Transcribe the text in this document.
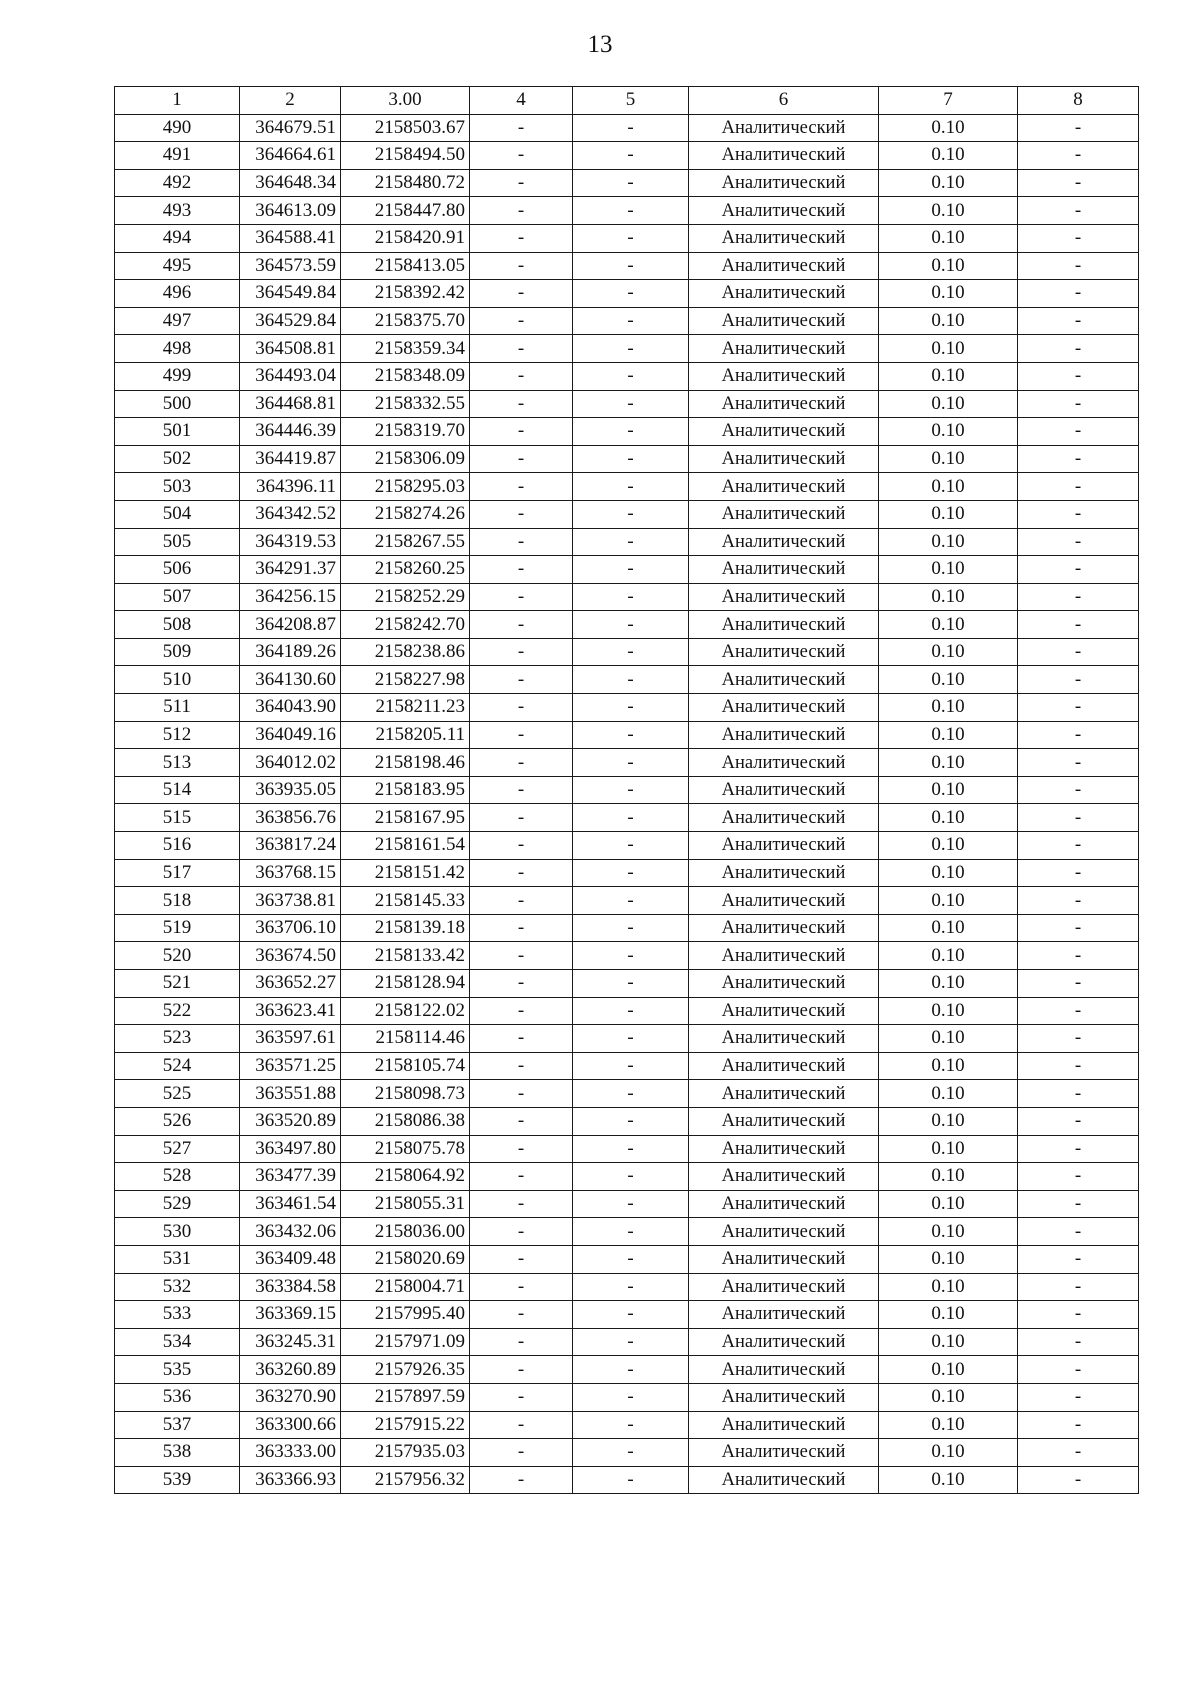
13
1	2	3.00	4	5	6	7	8
490	364679.51	2158503.67	-	-	Аналитический	0.10	-
491	364664.61	2158494.50	-	-	Аналитический	0.10	-
492	364648.34	2158480.72	-	-	Аналитический	0.10	-
493	364613.09	2158447.80	-	-	Аналитический	0.10	-
494	364588.41	2158420.91	-	-	Аналитический	0.10	-
495	364573.59	2158413.05	-	-	Аналитический	0.10	-
496	364549.84	2158392.42	-	-	Аналитический	0.10	-
497	364529.84	2158375.70	-	-	Аналитический	0.10	-
498	364508.81	2158359.34	-	-	Аналитический	0.10	-
499	364493.04	2158348.09	-	-	Аналитический	0.10	-
500	364468.81	2158332.55	-	-	Аналитический	0.10	-
501	364446.39	2158319.70	-	-	Аналитический	0.10	-
502	364419.87	2158306.09	-	-	Аналитический	0.10	-
503	364396.11	2158295.03	-	-	Аналитический	0.10	-
504	364342.52	2158274.26	-	-	Аналитический	0.10	-
505	364319.53	2158267.55	-	-	Аналитический	0.10	-
506	364291.37	2158260.25	-	-	Аналитический	0.10	-
507	364256.15	2158252.29	-	-	Аналитический	0.10	-
508	364208.87	2158242.70	-	-	Аналитический	0.10	-
509	364189.26	2158238.86	-	-	Аналитический	0.10	-
510	364130.60	2158227.98	-	-	Аналитический	0.10	-
511	364043.90	2158211.23	-	-	Аналитический	0.10	-
512	364049.16	2158205.11	-	-	Аналитический	0.10	-
513	364012.02	2158198.46	-	-	Аналитический	0.10	-
514	363935.05	2158183.95	-	-	Аналитический	0.10	-
515	363856.76	2158167.95	-	-	Аналитический	0.10	-
516	363817.24	2158161.54	-	-	Аналитический	0.10	-
517	363768.15	2158151.42	-	-	Аналитический	0.10	-
518	363738.81	2158145.33	-	-	Аналитический	0.10	-
519	363706.10	2158139.18	-	-	Аналитический	0.10	-
520	363674.50	2158133.42	-	-	Аналитический	0.10	-
521	363652.27	2158128.94	-	-	Аналитический	0.10	-
522	363623.41	2158122.02	-	-	Аналитический	0.10	-
523	363597.61	2158114.46	-	-	Аналитический	0.10	-
524	363571.25	2158105.74	-	-	Аналитический	0.10	-
525	363551.88	2158098.73	-	-	Аналитический	0.10	-
526	363520.89	2158086.38	-	-	Аналитический	0.10	-
527	363497.80	2158075.78	-	-	Аналитический	0.10	-
528	363477.39	2158064.92	-	-	Аналитический	0.10	-
529	363461.54	2158055.31	-	-	Аналитический	0.10	-
530	363432.06	2158036.00	-	-	Аналитический	0.10	-
531	363409.48	2158020.69	-	-	Аналитический	0.10	-
532	363384.58	2158004.71	-	-	Аналитический	0.10	-
533	363369.15	2157995.40	-	-	Аналитический	0.10	-
534	363245.31	2157971.09	-	-	Аналитический	0.10	-
535	363260.89	2157926.35	-	-	Аналитический	0.10	-
536	363270.90	2157897.59	-	-	Аналитический	0.10	-
537	363300.66	2157915.22	-	-	Аналитический	0.10	-
538	363333.00	2157935.03	-	-	Аналитический	0.10	-
539	363366.93	2157956.32	-	-	Аналитический	0.10	-
